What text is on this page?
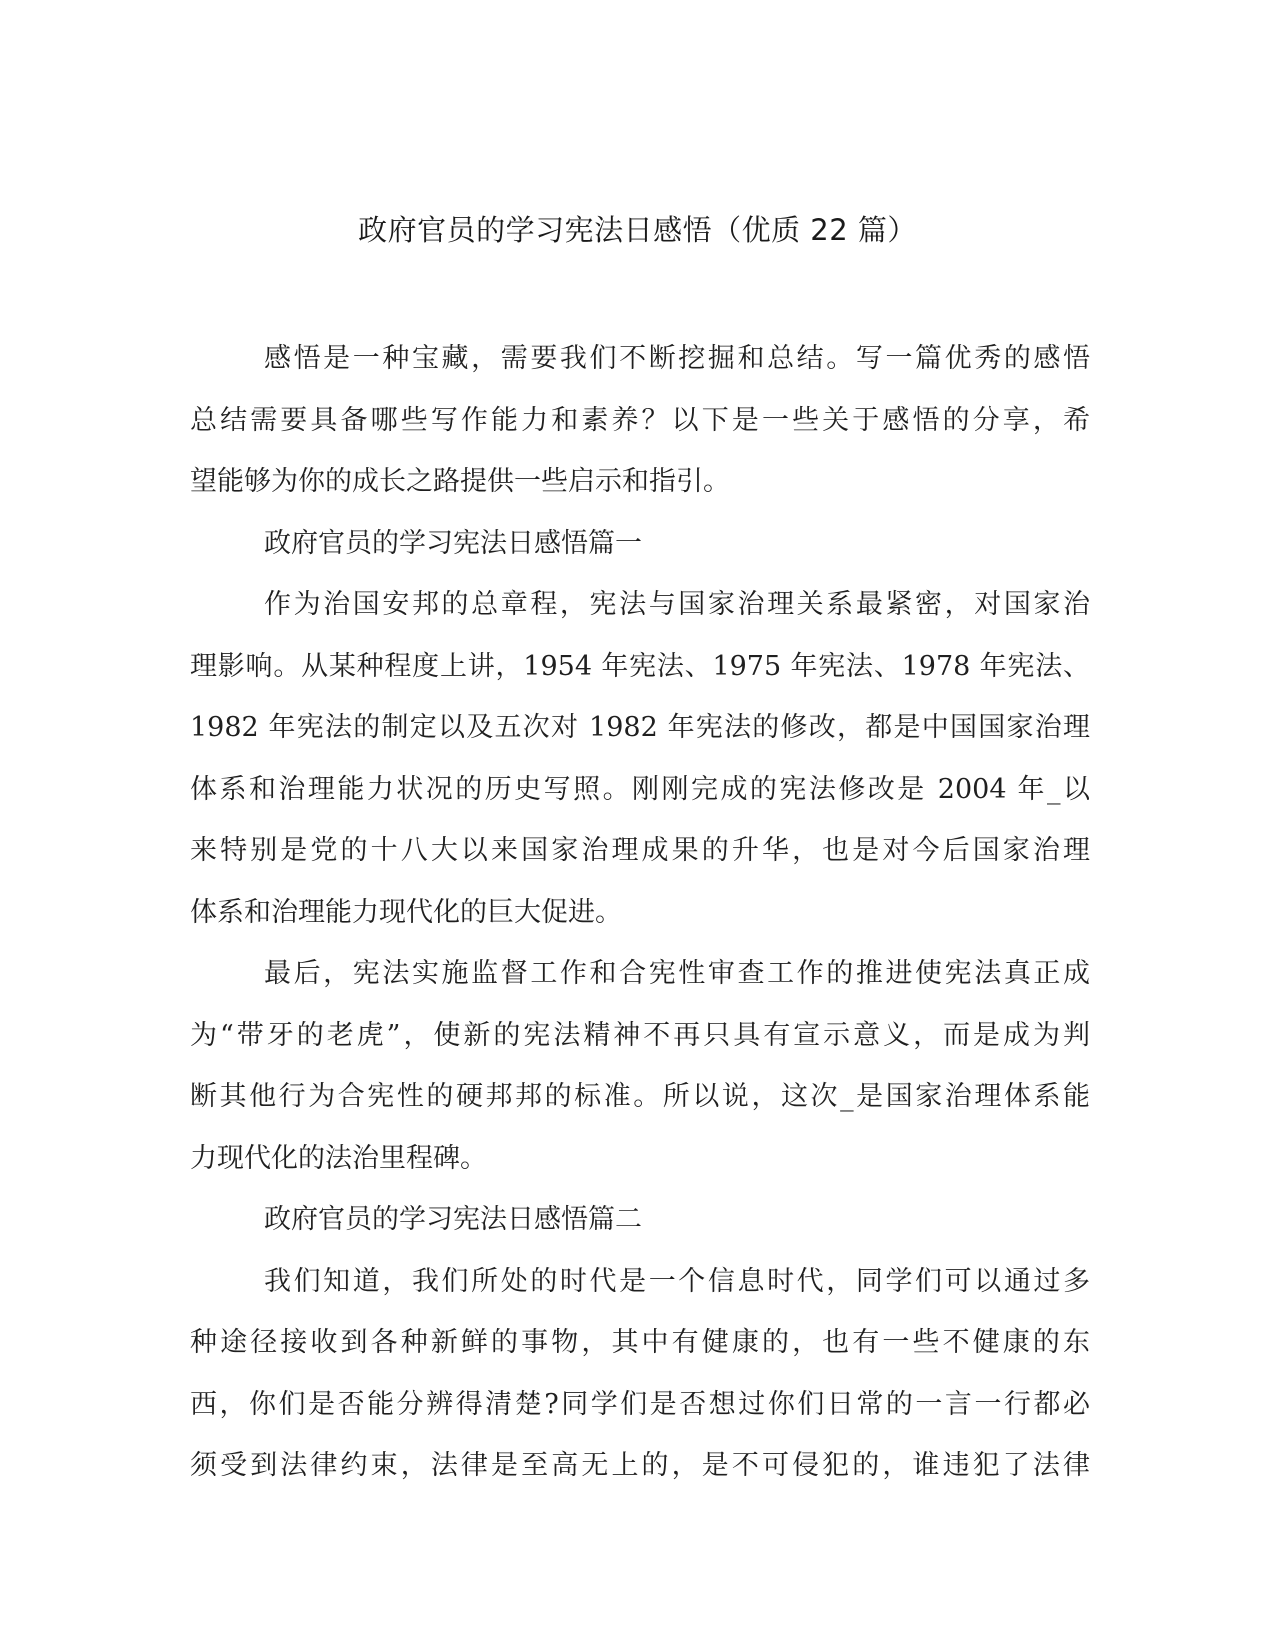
政府官员的学习宪法日感悟（优质 22 篇）
感悟是一种宝藏，需要我们不断挖掘和总结。写一篇优秀的感悟
总结需要具备哪些写作能力和素养？以下是一些关于感悟的分享，希
望能够为你的成长之路提供一些启示和指引。
政府官员的学习宪法日感悟篇一
作为治国安邦的总章程，宪法与国家治理关系最紧密，对国家治
理影响。从某种程度上讲，1954 年宪法、1975 年宪法、1978 年宪法、
1982 年宪法的制定以及五次对 1982 年宪法的修改，都是中国国家治理
体系和治理能力状况的历史写照。刚刚完成的宪法修改是 2004 年_以
来特别是党的十八大以来国家治理成果的升华，也是对今后国家治理
体系和治理能力现代化的巨大促进。
最后，宪法实施监督工作和合宪性审查工作的推进使宪法真正成
为“带牙的老虎”，使新的宪法精神不再只具有宣示意义，而是成为判
断其他行为合宪性的硬邦邦的标准。所以说，这次_是国家治理体系能
力现代化的法治里程碑。
政府官员的学习宪法日感悟篇二
我们知道，我们所处的时代是一个信息时代，同学们可以通过多
种途径接收到各种新鲜的事物，其中有健康的，也有一些不健康的东
西，你们是否能分辨得清楚?同学们是否想过你们日常的一言一行都必
须受到法律约束，法律是至高无上的，是不可侵犯的，谁违犯了法律
